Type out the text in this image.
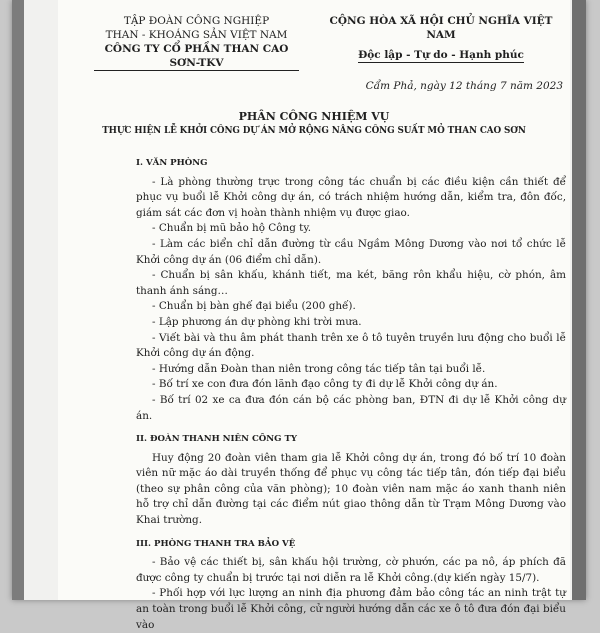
TẬP ĐOÀN CÔNG NGHIỆP
THAN - KHOÁNG SẢN VIỆT NAM
CÔNG TY CỔ PHẦN THAN CAO SƠN-TKV
CỘNG HÒA XÃ HỘI CHỦ NGHĨA VIỆT NAM
Độc lập - Tự do - Hạnh phúc
Cẩm Phả, ngày 12 tháng 7 năm 2023
PHÂN CÔNG NHIỆM VỤ
THỰC HIỆN LỄ KHỞI CÔNG DỰ ÁN MỞ RỘNG NÂNG CÔNG SUẤT MỎ THAN CAO SƠN
I. VĂN PHÒNG

- Là phòng thường trực trong công tác chuẩn bị các điều kiện cần thiết để phục vụ buổi lễ Khởi công dự án, có trách nhiệm hướng dẫn, kiểm tra, đôn đốc, giám sát các đơn vị hoàn thành nhiệm vụ được giao.

- Chuẩn bị mũ bảo hộ Công ty.

- Làm các biển chỉ dẫn đường từ cầu Ngầm Mông Dương vào nơi tổ chức lễ Khởi công dự án (06 điểm chỉ dẫn).

- Chuẩn bị sân khấu, khánh tiết, ma két, băng rôn khẩu hiệu, cờ phón, âm thanh ánh sáng…

- Chuẩn bị bàn ghế đại biểu (200 ghế).

- Lập phương án dự phòng khi trời mưa.

- Viết bài và thu âm phát thanh trên xe ô tô tuyên truyền lưu động cho buổi lễ Khởi công dự án động.

- Hướng dẫn Đoàn than niên trong công tác tiếp tân tại buổi lễ.

- Bố trí xe con đưa đón lãnh đạo công ty đi dự lễ Khởi công dự án.

- Bố trí 02 xe ca đưa đón cán bộ các phòng ban, ĐTN đi dự lễ Khởi công dự án.

II. ĐOÀN THANH NIÊN CÔNG TY

Huy động 20 đoàn viên tham gia lễ Khởi công dự án, trong đó bố trí 10 đoàn viên nữ mặc áo dài truyền thống để phục vụ công tác tiếp tân, đón tiếp đại biểu (theo sự phân công của văn phòng); 10 đoàn viên nam mặc áo xanh thanh niên hỗ trợ chỉ dẫn đường tại các điểm nút giao thông dẫn từ Trạm Mông Dương vào Khai trường.

III. PHÒNG THANH TRA BẢO VỆ

- Bảo vệ các thiết bị, sân khấu hội trường, cờ phướn, các pa nô, áp phích đã được công ty chuẩn bị trước tại nơi diễn ra lễ Khởi công.(dự kiến ngày 15/7).

- Phối hợp với lực lượng an ninh địa phương đảm bảo công tác an ninh trật tự an toàn trong buổi lễ Khởi công, cử người hướng dẫn các xe ô tô đưa đón đại biểu vào
